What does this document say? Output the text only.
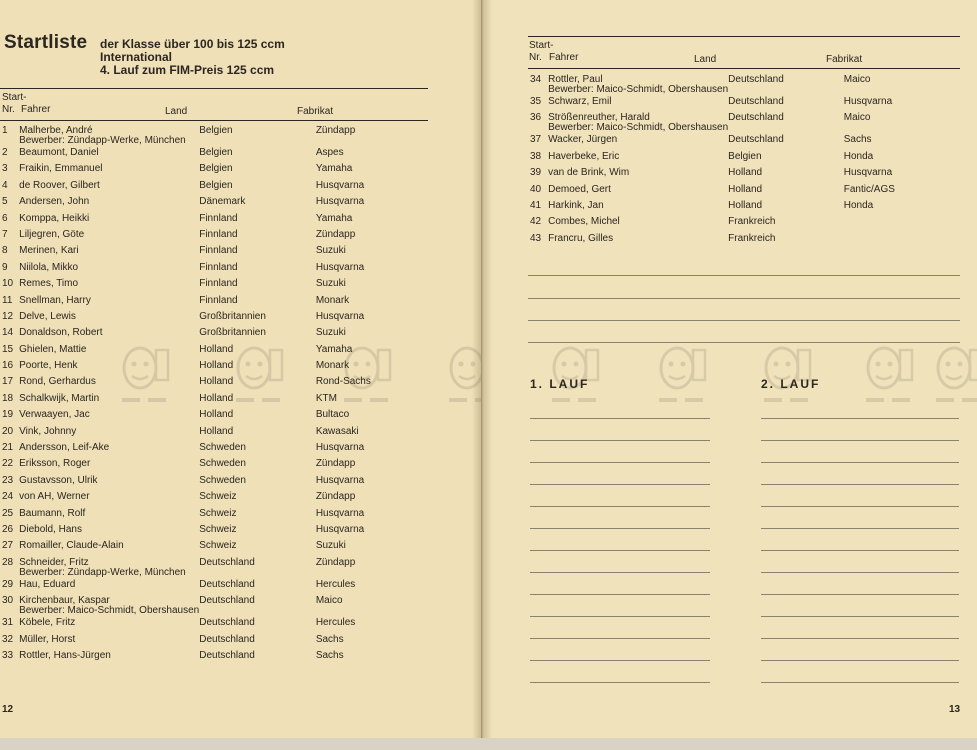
Startliste der Klasse über 100 bis 125 ccm
International
4. Lauf zum FIM-Preis 125 ccm
Start-
Nr. Fahrer	Land	Fabrikat
1	Malherbe, André
Bewerber: Zündapp-Werke, München	Belgien	Zündapp
2	Beaumont, Daniel	Belgien	Aspes
3	Fraikin, Emmanuel	Belgien	Yamaha
4	de Roover, Gilbert	Belgien	Husqvarna
5	Andersen, John	Dänemark	Husqvarna
6	Komppa, Heikki	Finnland	Yamaha
7	Liljegren, Göte	Finnland	Zündapp
8	Merinen, Kari	Finnland	Suzuki
9	Niilola, Mikko	Finnland	Husqvarna
10	Remes, Timo	Finnland	Suzuki
11	Snellman, Harry	Finnland	Monark
12	Delve, Lewis	Großbritannien	Husqvarna
14	Donaldson, Robert	Großbritannien	Suzuki
15	Ghielen, Mattie	Holland	Yamaha
16	Poorte, Henk	Holland	Monark
17	Rond, Gerhardus	Holland	Rond-Sachs
18	Schalkwijk, Martin	Holland	KTM
19	Verwaayen, Jac	Holland	Bultaco
20	Vink, Johnny	Holland	Kawasaki
21	Andersson, Leif-Ake	Schweden	Husqvarna
22	Eriksson, Roger	Schweden	Zündapp
23	Gustavsson, Ulrik	Schweden	Husqvarna
24	von AH, Werner	Schweiz	Zündapp
25	Baumann, Rolf	Schweiz	Husqvarna
26	Diebold, Hans	Schweiz	Husqvarna
27	Romailler, Claude-Alain	Schweiz	Suzuki
28	Schneider, Fritz
Bewerber: Zündapp-Werke, München	Deutschland	Zündapp
29	Hau, Eduard	Deutschland	Hercules
30	Kirchenbaur, Kaspar
Bewerber: Maico-Schmidt, Obershausen	Deutschland	Maico
31	Köbele, Fritz	Deutschland	Hercules
32	Müller, Horst	Deutschland	Sachs
33	Rottler, Hans-Jürgen	Deutschland	Sachs
12
Start-
Nr. Fahrer	Land	Fabrikat
34	Rottler, Paul
Bewerber: Maico-Schmidt, Obershausen	Deutschland	Maico
35	Schwarz, Emil	Deutschland	Husqvarna
36	Strößenreuther, Harald
Bewerber: Maico-Schmidt, Obershausen	Deutschland	Maico
37	Wacker, Jürgen	Deutschland	Sachs
38	Haverbeke, Eric	Belgien	Honda
39	van de Brink, Wim	Holland	Husqvarna
40	Demoed, Gert	Holland	Fantic/AGS
41	Harkink, Jan	Holland	Honda
42	Combes, Michel	Frankreich	
43	Francru, Gilles	Frankreich	
1. LAUF	2. LAUF
13
